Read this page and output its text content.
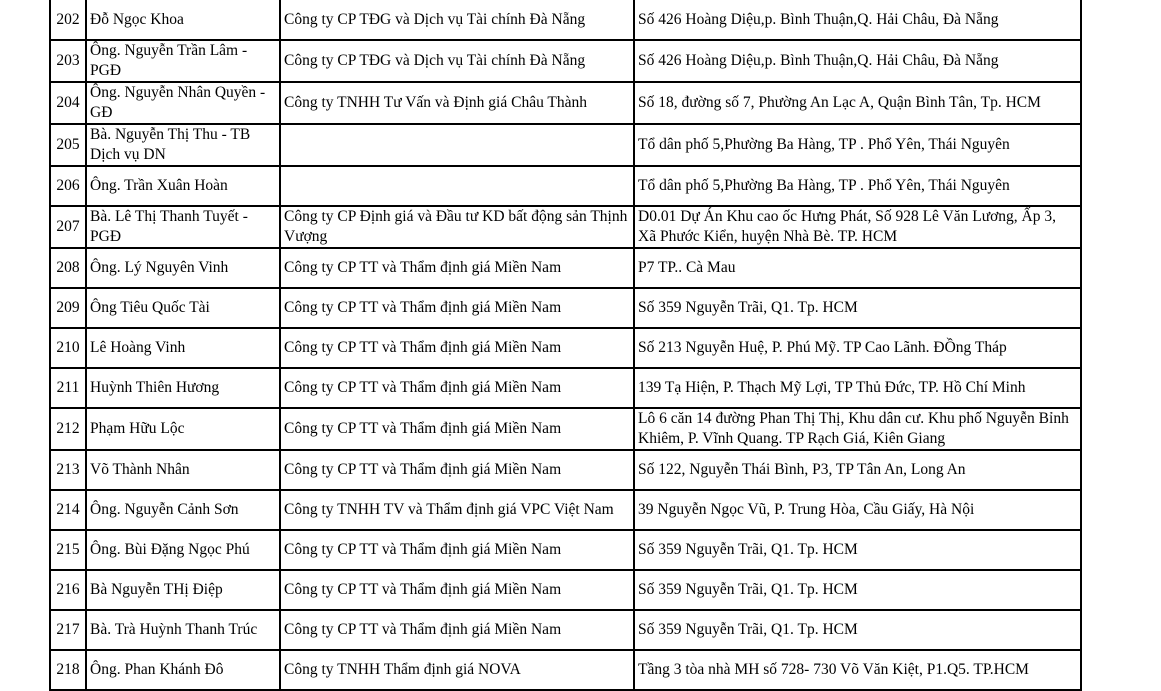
202	Đỗ Ngọc Khoa	Công ty CP TĐG và Dịch vụ Tài chính Đà Nẵng	Số 426 Hoàng Diệu,p. Bình Thuận,Q. Hải Châu, Đà Nẵng
203	Ông. Nguyễn Trần Lâm - PGĐ	Công ty CP TĐG và Dịch vụ Tài chính Đà Nẵng	Số 426 Hoàng Diệu,p. Bình Thuận,Q. Hải Châu, Đà Nẵng
204	Ông. Nguyễn Nhân Quyền - GĐ	Công ty TNHH Tư Vấn và Định giá Châu Thành	Số 18, đường số 7, Phường An Lạc A, Quận Bình Tân, Tp. HCM
205	Bà. Nguyễn Thị Thu - TB Dịch vụ DN		Tổ dân phố 5,Phường Ba Hàng, TP . Phổ Yên, Thái Nguyên
206	Ông. Trần Xuân Hoàn		Tổ dân phố 5,Phường Ba Hàng, TP . Phổ Yên, Thái Nguyên
207	Bà. Lê Thị Thanh Tuyết - PGĐ	Công ty CP Định giá và Đầu tư KD bất động sản Thịnh Vượng	D0.01 Dự Án Khu cao ốc Hưng Phát, Số 928 Lê Văn Lương, Ấp 3, Xã Phước Kiển, huyện Nhà Bè. TP. HCM
208	Ông. Lý Nguyên Vinh	Công ty CP TT và Thẩm định giá Miền Nam	P7 TP.. Cà Mau
209	Ông Tiêu Quốc Tài	Công ty CP TT và Thẩm định giá Miền Nam	Số 359 Nguyễn Trãi, Q1. Tp. HCM
210	Lê Hoàng Vinh	Công ty CP TT và Thẩm định giá Miền Nam	Số 213 Nguyễn Huệ, P. Phú Mỹ. TP Cao Lãnh. ĐỒng Tháp
211	Huỳnh Thiên Hương	Công ty CP TT và Thẩm định giá Miền Nam	139 Tạ Hiện, P. Thạch Mỹ Lợi, TP Thủ Đức, TP. Hồ Chí Minh
212	Phạm Hữu Lộc	Công ty CP TT và Thẩm định giá Miền Nam	Lô 6 căn 14 đường Phan Thị Thị, Khu dân cư. Khu phố Nguyễn Bỉnh Khiêm, P. Vĩnh Quang. TP Rạch Giá, Kiên Giang
213	Võ Thành Nhân	Công ty CP TT và Thẩm định giá Miền Nam	Số 122, Nguyễn Thái Bình, P3, TP Tân An, Long An
214	Ông. Nguyễn Cảnh Sơn	Công ty TNHH TV và Thẩm định giá VPC Việt Nam	39 Nguyễn Ngọc Vũ, P. Trung Hòa, Cầu Giấy, Hà Nội
215	Ông. Bùi Đặng Ngọc Phú	Công ty CP TT và Thẩm định giá Miền Nam	Số 359 Nguyễn Trãi, Q1. Tp. HCM
216	Bà Nguyễn THị Điệp	Công ty CP TT và Thẩm định giá Miền Nam	Số 359 Nguyễn Trãi, Q1. Tp. HCM
217	Bà. Trà Huỳnh Thanh Trúc	Công ty CP TT và Thẩm định giá Miền Nam	Số 359 Nguyễn Trãi, Q1. Tp. HCM
218	Ông. Phan Khánh Đô	Công ty TNHH Thẩm định giá NOVA	Tầng 3 tòa nhà MH số 728- 730 Võ Văn Kiệt, P1.Q5. TP.HCM
